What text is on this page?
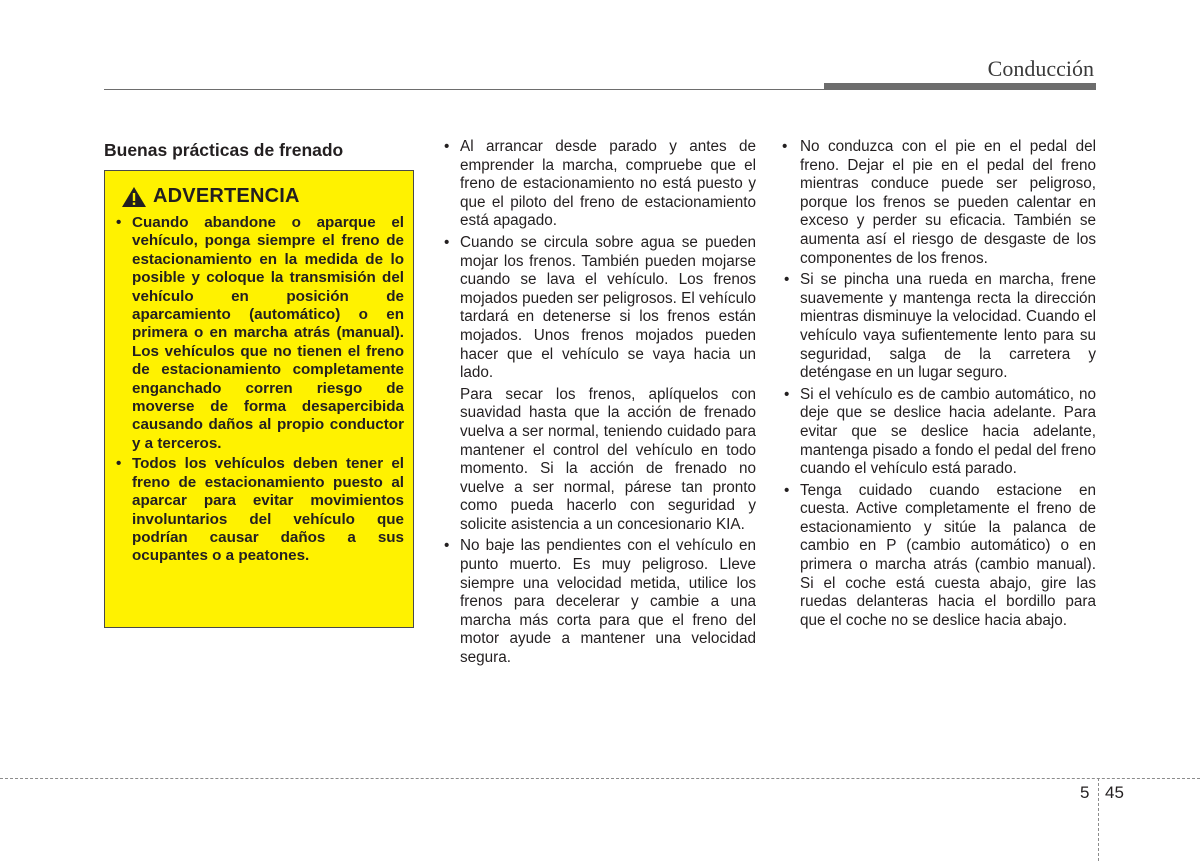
Conducción
Buenas prácticas de frenado
ADVERTENCIA
• Cuando abandone o aparque el vehículo, ponga siempre el freno de estacionamiento en la medida de lo posible y coloque la transmisión del vehículo en posición de aparcamiento (automático) o en primera o en marcha atrás (manual). Los vehículos que no tienen el freno de estacionamiento completamente enganchado corren riesgo de moverse de forma desapercibida causando daños al propio conductor y a terceros.
• Todos los vehículos deben tener el freno de estacionamiento puesto al aparcar para evitar movimientos involuntarios del vehículo que podrían causar daños a sus ocupantes o a peatones.
• Al arrancar desde parado y antes de emprender la marcha, compruebe que el freno de estacionamiento no está puesto y que el piloto del freno de estacionamiento está apagado.
• Cuando se circula sobre agua se pueden mojar los frenos. También pueden mojarse cuando se lava el vehículo. Los frenos mojados pueden ser peligrosos. El vehículo tardará en detenerse si los frenos están mojados. Unos frenos mojados pueden hacer que el vehículo se vaya hacia un lado.

Para secar los frenos, aplíquelos con suavidad hasta que la acción de frenado vuelva a ser normal, teniendo cuidado para mantener el control del vehículo en todo momento. Si la acción de frenado no vuelve a ser normal, párese tan pronto como pueda hacerlo con seguridad y solicite asistencia a un concesionario KIA.

• No baje las pendientes con el vehículo en punto muerto. Es muy peligroso. Lleve siempre una velocidad metida, utilice los frenos para decelerar y cambie a una marcha más corta para que el freno del motor ayude a mantener una velocidad segura.
• No conduzca con el pie en el pedal del freno. Dejar el pie en el pedal del freno mientras conduce puede ser peligroso, porque los frenos se pueden calentar en exceso y perder su eficacia. También se aumenta así el riesgo de desgaste de los componentes de los frenos.
• Si se pincha una rueda en marcha, frene suavemente y mantenga recta la dirección mientras disminuye la velocidad. Cuando el vehículo vaya sufientemente lento para su seguridad, salga de la carretera y deténgase en un lugar seguro.
• Si el vehículo es de cambio automático, no deje que se deslice hacia adelante. Para evitar que se deslice hacia adelante, mantenga pisado a fondo el pedal del freno cuando el vehículo está parado.
• Tenga cuidado cuando estacione en cuesta. Active completamente el freno de estacionamiento y sitúe la palanca de cambio en P (cambio automático) o en primera o marcha atrás (cambio manual). Si el coche está cuesta abajo, gire las ruedas delanteras hacia el bordillo para que el coche no se deslice hacia abajo.
5 45
